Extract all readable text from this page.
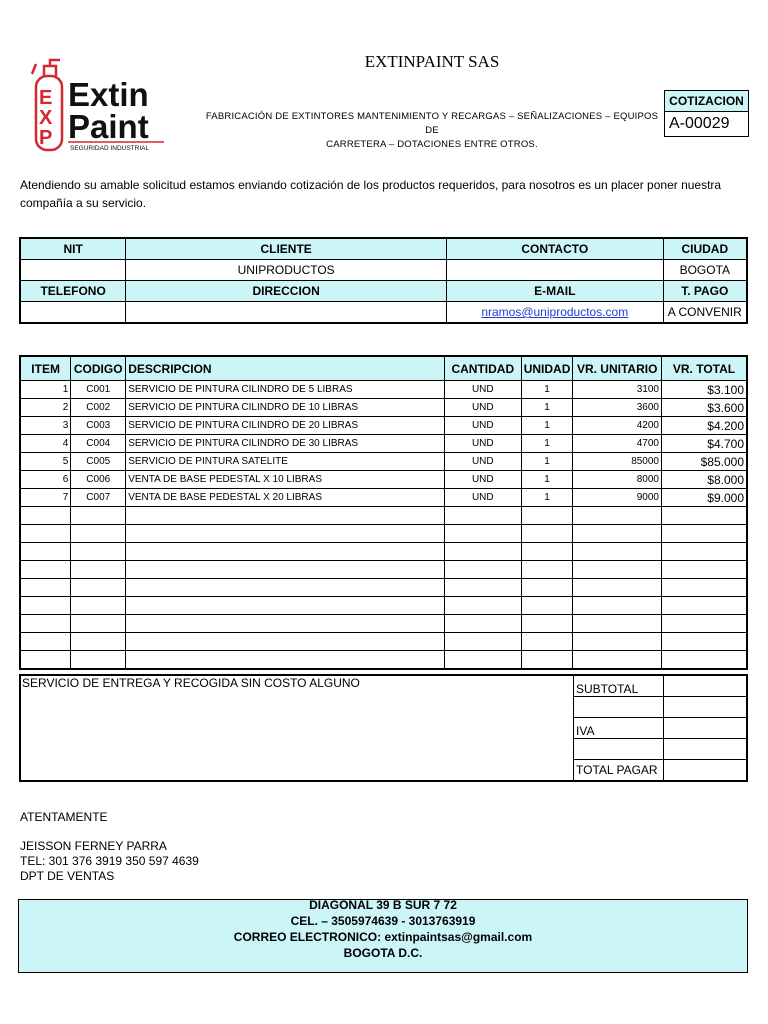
EXTINPAINT SAS
E
X
P
Extin
Paint
SEGURIDAD INDUSTRIAL
FABRICACIÓN DE EXTINTORES MANTENIMIENTO Y RECARGAS – SEÑALIZACIONES – EQUIPOS DE
CARRETERA – DOTACIONES ENTRE OTROS.
COTIZACION
A-00029
Atendiendo su amable solicitud estamos enviando cotización de los productos requeridos, para nosotros es un placer poner nuestra compañía a su servicio.
NIT	CLIENTE	CONTACTO	CIUDAD
	UNIPRODUCTOS		BOGOTA
TELEFONO	DIRECCION	E-MAIL	T. PAGO
		nramos@uniproductos.com	A CONVENIR
ITEM	CODIGO	DESCRIPCION	CANTIDAD	UNIDAD	VR. UNITARIO	VR. TOTAL
1	C001	SERVICIO DE PINTURA CILINDRO DE 5 LIBRAS	UND	1	3100	$3.100
2	C002	SERVICIO DE PINTURA CILINDRO DE 10 LIBRAS	UND	1	3600	$3.600
3	C003	SERVICIO DE PINTURA CILINDRO DE 20 LIBRAS	UND	1	4200	$4.200
4	C004	SERVICIO DE PINTURA CILINDRO DE 30 LIBRAS	UND	1	4700	$4.700
5	C005	SERVICIO DE PINTURA SATELITE	UND	1	85000	$85.000
6	C006	VENTA DE BASE PEDESTAL X 10 LIBRAS	UND	1	8000	$8.000
7	C007	VENTA DE BASE PEDESTAL X 20 LIBRAS	UND	1	9000	$9.000

SERVICIO DE ENTREGA Y RECOGIDA SIN COSTO ALGUNO	SUBTOTAL	

IVA	

TOTAL PAGAR	
ATENTAMENTE
JEISSON FERNEY PARRA
TEL: 301 376 3919 350 597 4639
DPT DE VENTAS
DIAGONAL 39 B SUR 7 72
CEL. – 3505974639 - 3013763919
CORREO ELECTRONICO: extinpaintsas@gmail.com
BOGOTA D.C.
